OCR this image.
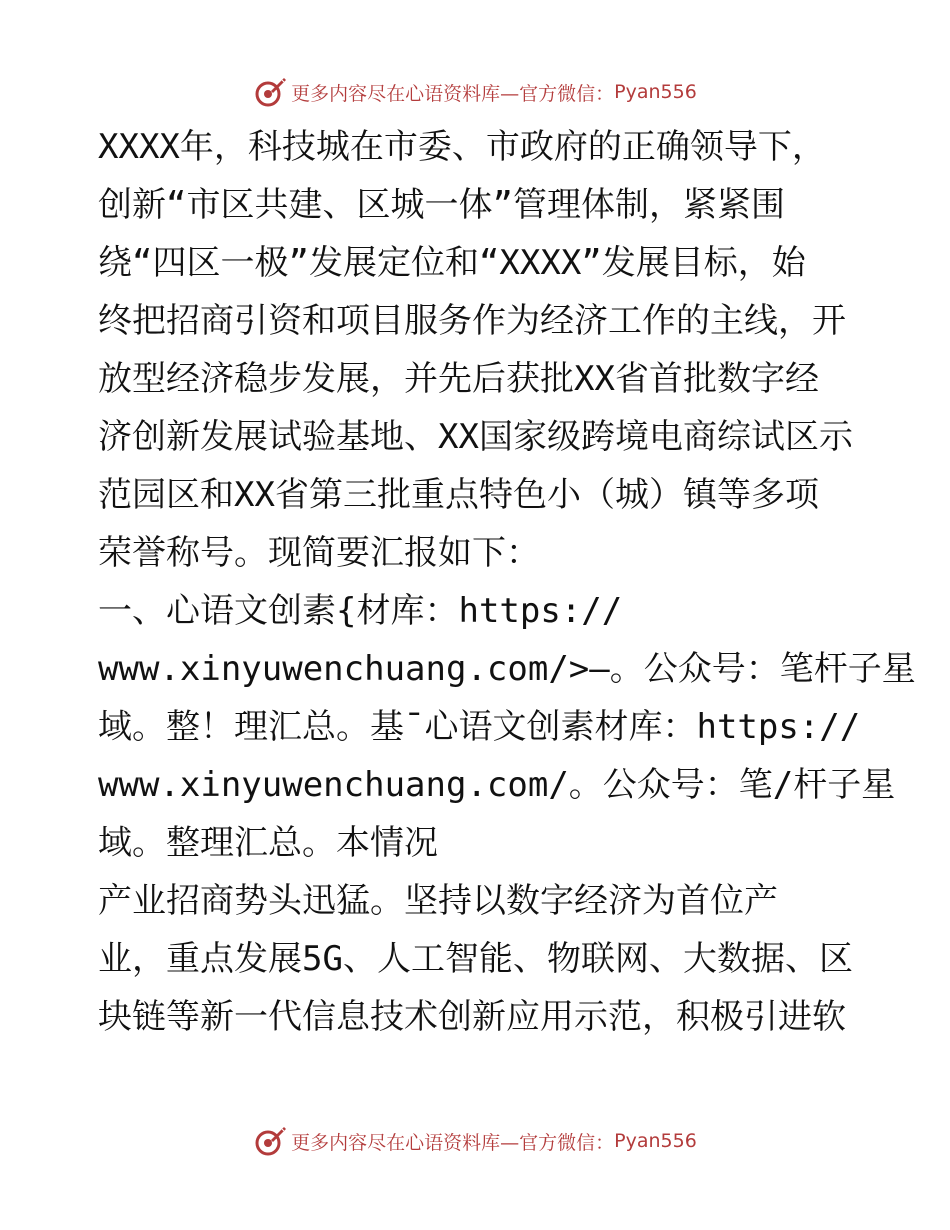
更多内容尽在心语资料库—官方微信： Pyan556
XXXX年，科技城在市委、市政府的正确领导下，
创新“市区共建、区城一体”管理体制，紧紧围
绕“四区一极”发展定位和“XXXX”发展目标，始
终把招商引资和项目服务作为经济工作的主线，开
放型经济稳步发展，并先后获批XX省首批数字经
济创新发展试验基地、XX国家级跨境电商综试区示
范园区和XX省第三批重点特色小（城）镇等多项
荣誉称号。现简要汇报如下：
一、心语文创素{材库：https://
www.xinyuwenchuang.com/>—。公众号：笔杆子星
域。整！理汇总。基¯心语文创素材库：https://
www.xinyuwenchuang.com/。公众号：笔/杆子星
域。整理汇总。本情况
产业招商势头迅猛。坚持以数字经济为首位产
业，重点发展5G、人工智能、物联网、大数据、区
块链等新一代信息技术创新应用示范，积极引进软
更多内容尽在心语资料库—官方微信： Pyan556
